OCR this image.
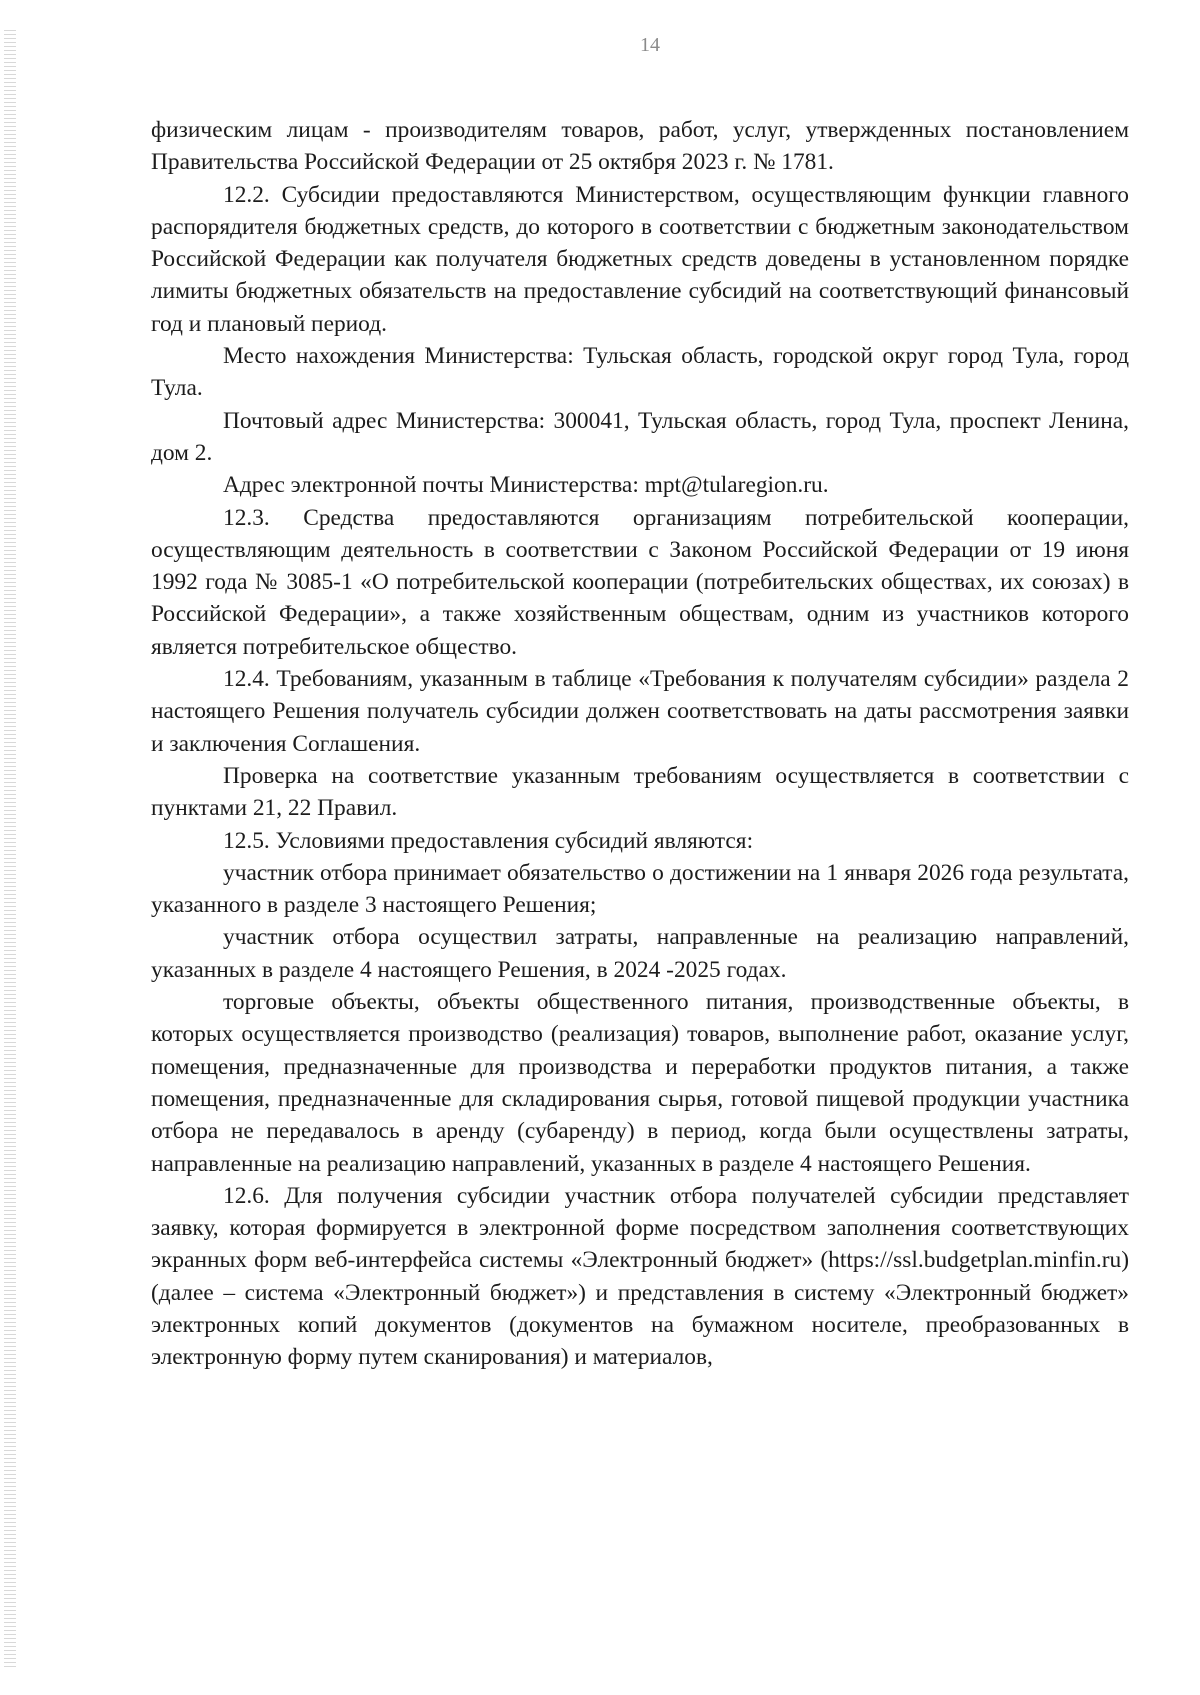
14

физическим лицам - производителям товаров, работ, услуг, утвержденных постановлением Правительства Российской Федерации от 25 октября 2023 г. № 1781.

12.2. Субсидии предоставляются Министерством, осуществляющим функции главного распорядителя бюджетных средств, до которого в соответствии с бюджетным законодательством Российской Федерации как получателя бюджетных средств доведены в установленном порядке лимиты бюджетных обязательств на предоставление субсидий на соответствующий финансовый год и плановый период.

Место нахождения Министерства: Тульская область, городской округ город Тула, город Тула.

Почтовый адрес Министерства: 300041, Тульская область, город Тула, проспект Ленина, дом 2.

Адрес электронной почты Министерства: mpt@tularegion.ru.

12.3. Средства предоставляются организациям потребительской кооперации, осуществляющим деятельность в соответствии с Законом Российской Федерации от 19 июня 1992 года № 3085-1 «О потребительской кооперации (потребительских обществах, их союзах) в Российской Федерации», а также хозяйственным обществам, одним из участников которого является потребительское общество.

12.4. Требованиям, указанным в таблице «Требования к получателям субсидии» раздела 2 настоящего Решения получатель субсидии должен соответствовать на даты рассмотрения заявки и заключения Соглашения.

Проверка на соответствие указанным требованиям осуществляется в соответствии с пунктами 21, 22 Правил.

12.5. Условиями предоставления субсидий являются:

участник отбора принимает обязательство о достижении на 1 января 2026 года результата, указанного в разделе 3 настоящего Решения;

участник отбора осуществил затраты, направленные на реализацию направлений, указанных в разделе 4 настоящего Решения, в 2024 -2025 годах.

торговые объекты, объекты общественного питания, производственные объекты, в которых осуществляется производство (реализация) товаров, выполнение работ, оказание услуг, помещения, предназначенные для производства и переработки продуктов питания, а также помещения, предназначенные для складирования сырья, готовой пищевой продукции участника отбора не передавалось в аренду (субаренду) в период, когда были осуществлены затраты, направленные на реализацию направлений, указанных в разделе 4 настоящего Решения.

12.6. Для получения субсидии участник отбора получателей субсидии представляет заявку, которая формируется в электронной форме посредством заполнения соответствующих экранных форм веб-интерфейса системы «Электронный бюджет» (https://ssl.budgetplan.minfin.ru) (далее – система «Электронный бюджет») и представления в систему «Электронный бюджет» электронных копий документов (документов на бумажном носителе, преобразованных в электронную форму путем сканирования) и материалов,
